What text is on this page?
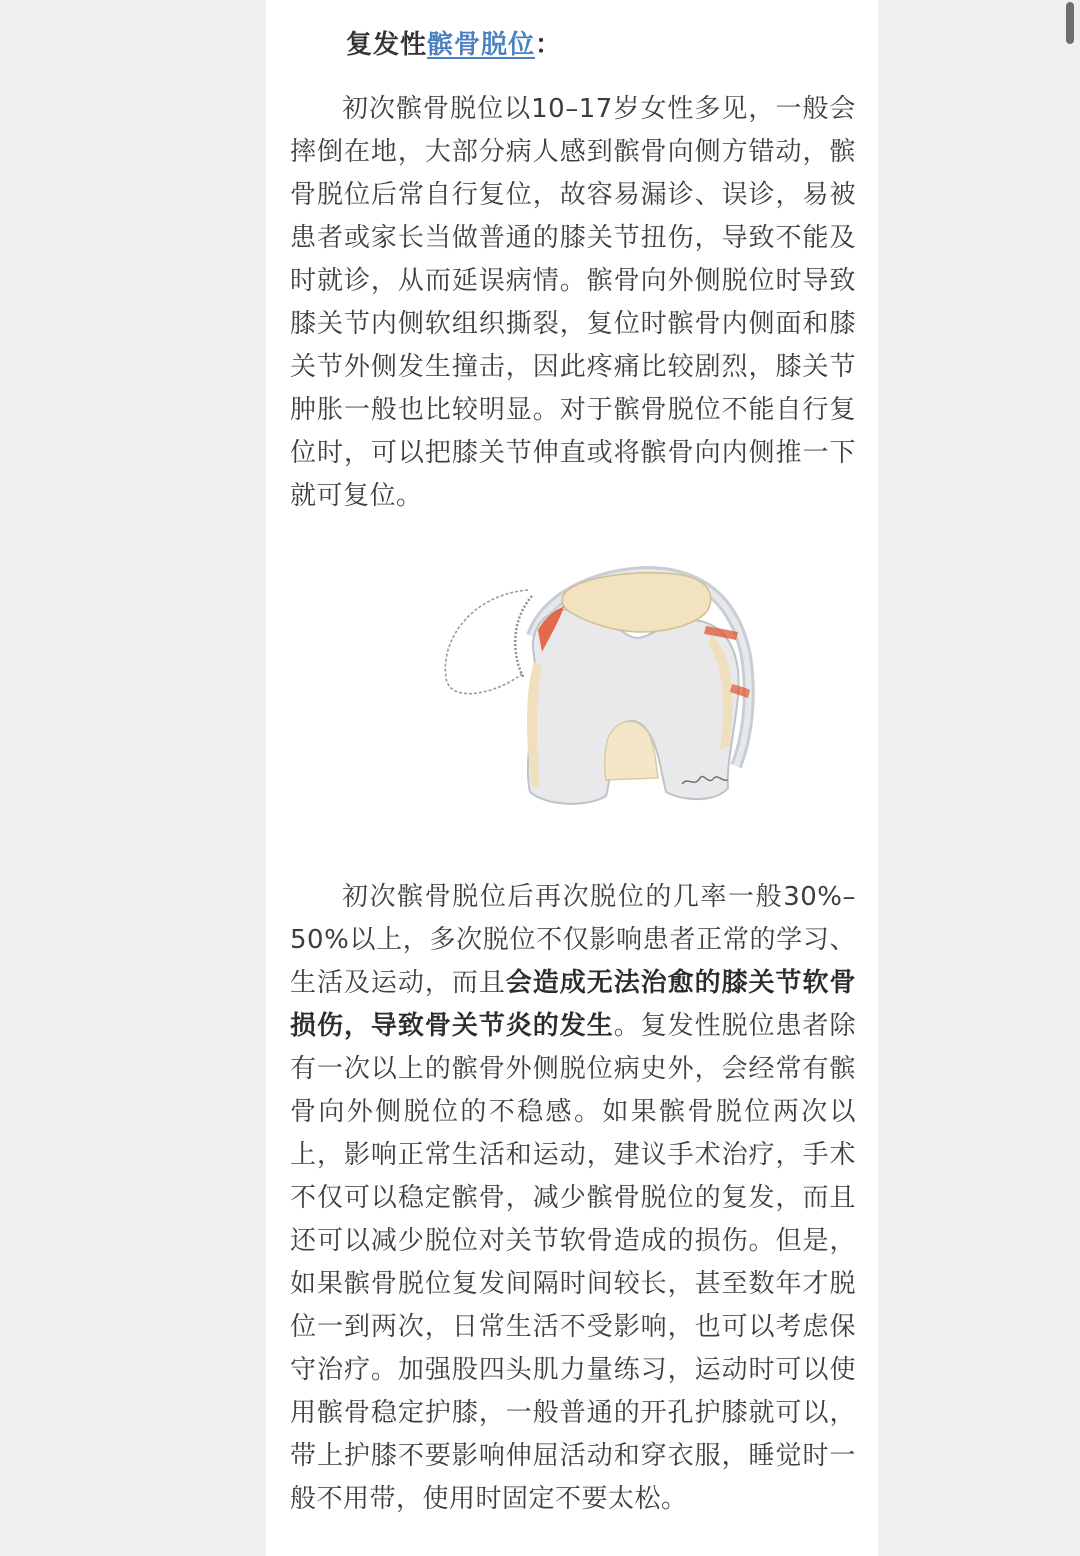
复发性髌骨脱位：

初次髌骨脱位以10–17岁女性多见，一般会摔倒在地，大部分病人感到髌骨向侧方错动，髌骨脱位后常自行复位，故容易漏诊、误诊，易被患者或家长当做普通的膝关节扭伤，导致不能及时就诊，从而延误病情。髌骨向外侧脱位时导致膝关节内侧软组织撕裂，复位时髌骨内侧面和膝关节外侧发生撞击，因此疼痛比较剧烈，膝关节肿胀一般也比较明显。对于髌骨脱位不能自行复位时，可以把膝关节伸直或将髌骨向内侧推一下就可复位。

初次髌骨脱位后再次脱位的几率一般30%–50%以上，多次脱位不仅影响患者正常的学习、生活及运动，而且会造成无法治愈的膝关节软骨损伤，导致骨关节炎的发生。复发性脱位患者除有一次以上的髌骨外侧脱位病史外，会经常有髌骨向外侧脱位的不稳感。如果髌骨脱位两次以上，影响正常生活和运动，建议手术治疗，手术不仅可以稳定髌骨，减少髌骨脱位的复发，而且还可以减少脱位对关节软骨造成的损伤。但是，如果髌骨脱位复发间隔时间较长，甚至数年才脱位一到两次，日常生活不受影响，也可以考虑保守治疗。加强股四头肌力量练习，运动时可以使用髌骨稳定护膝，一般普通的开孔护膝就可以，带上护膝不要影响伸屈活动和穿衣服，睡觉时一般不用带，使用时固定不要太松。
